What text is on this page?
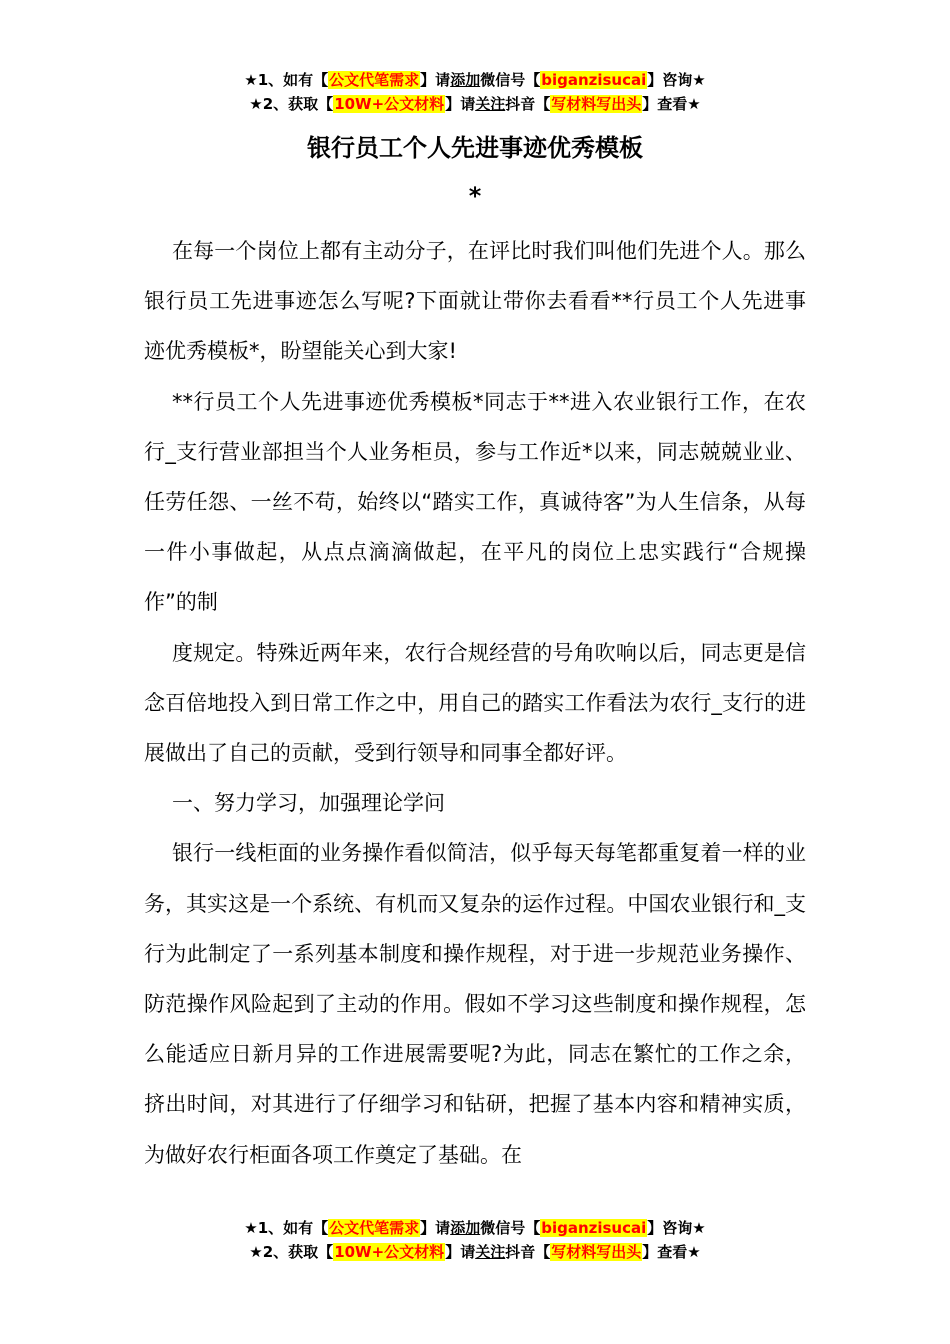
★1、如有【公文代笔需求】请添加微信号【biganzisucai】咨询★
★2、获取【10W+公文材料】请关注抖音【写材料写出头】查看★
银行员工个人先进事迹优秀模板
*

在每一个岗位上都有主动分子，在评比时我们叫他们先进个人。那么银行员工先进事迹怎么写呢?下面就让带你去看看**行员工个人先进事迹优秀模板*，盼望能关心到大家!

**行员工个人先进事迹优秀模板*同志于**进入农业银行工作，在农行_支行营业部担当个人业务柜员，参与工作近*以来，同志兢兢业业、任劳任怨、一丝不苟，始终以“踏实工作，真诚待客”为人生信条，从每一件小事做起，从点点滴滴做起，在平凡的岗位上忠实践行“合规操作”的制

度规定。特殊近两年来，农行合规经营的号角吹响以后，同志更是信念百倍地投入到日常工作之中，用自己的踏实工作看法为农行_支行的进展做出了自己的贡献，受到行领导和同事全都好评。

一、努力学习，加强理论学问

银行一线柜面的业务操作看似简洁，似乎每天每笔都重复着一样的业务，其实这是一个系统、有机而又复杂的运作过程。中国农业银行和_支行为此制定了一系列基本制度和操作规程，对于进一步规范业务操作、防范操作风险起到了主动的作用。假如不学习这些制度和操作规程，怎么能适应日新月异的工作进展需要呢?为此，同志在繁忙的工作之余，挤出时间，对其进行了仔细学习和钻研，把握了基本内容和精神实质，为做好农行柜面各项工作奠定了基础。在

★1、如有【公文代笔需求】请添加微信号【biganzisucai】咨询★
★2、获取【10W+公文材料】请关注抖音【写材料写出头】查看★
